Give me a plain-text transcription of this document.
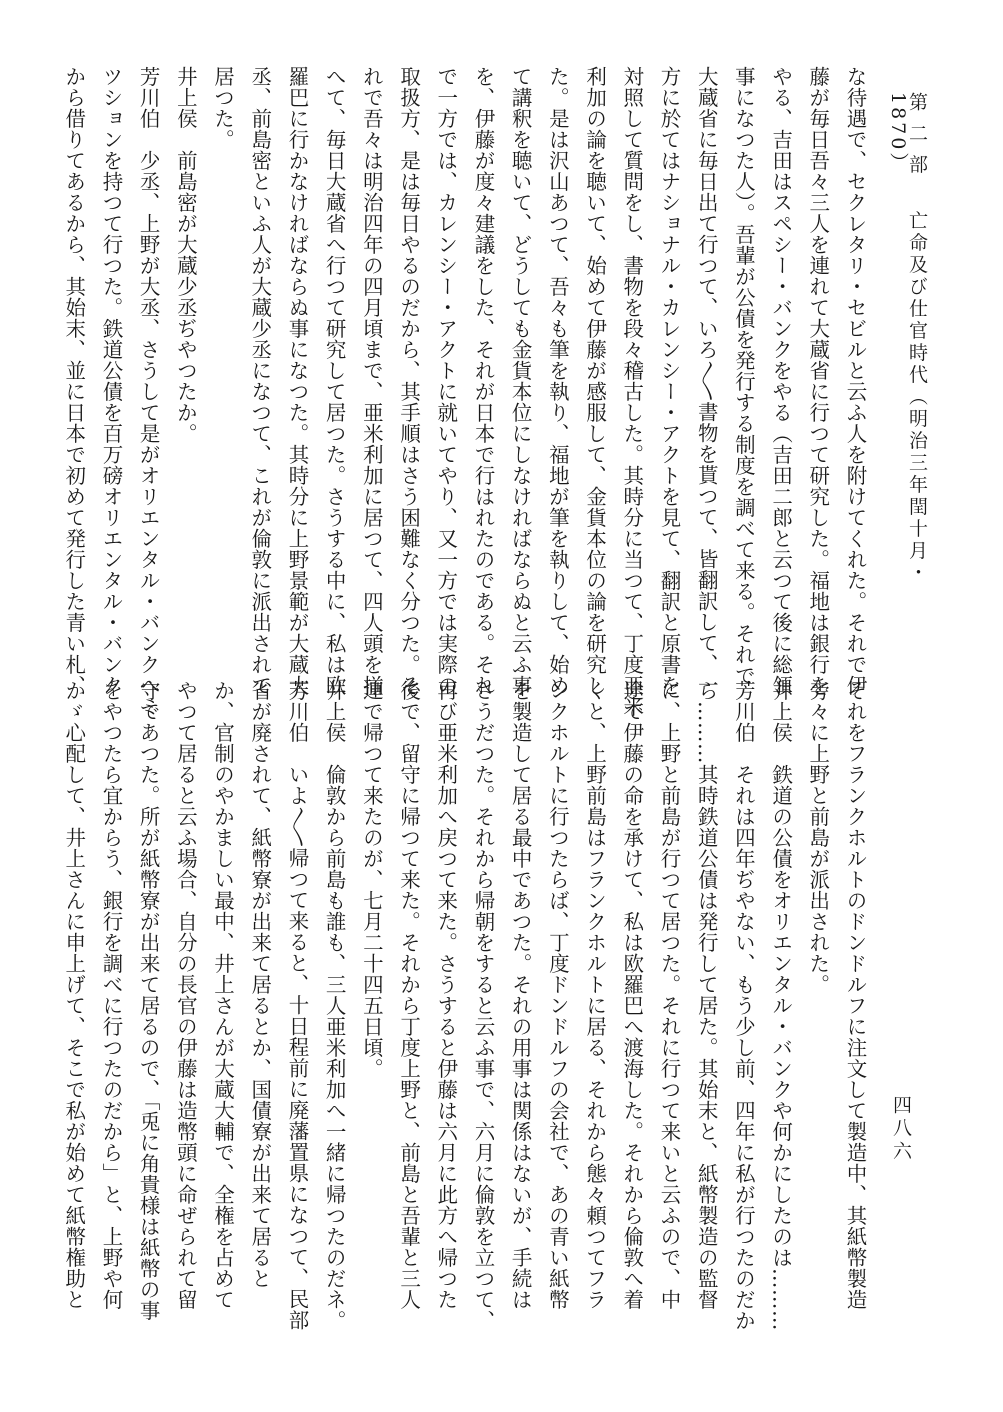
第 二 部亡命及び仕官時代（明治三年閏十月・1870）
四八六
な待遇で、セクレタリ・セビルと云ふ人を附けてくれた。それで伊
藤が毎日吾々三人を連れて大蔵省に行つて研究した。福地は銀行を
やる、吉田はスペシー・バンクをやる（吉田二郎と云つて後に総領
事になつた人）。吾輩が公債を発行する制度を調べて来る。それで
大蔵省に毎日出て行つて、いろ〳〵書物を貰つて、皆翻訳して、一
方に於てはナショナル・カレンシー・アクトを見て、翻訳と原書を
対照して質問をし、書物を段々稽古した。其時分に当つて、丁度亜米
利加の論を聴いて、始めて伊藤が感服して、金貨本位の論を研究し
た。是は沢山あつて、吾々も筆を執り、福地が筆を執りして、始め
て講釈を聴いて、どうしても金貨本位にしなければならぬと云ふ事
を、伊藤が度々建議をした、それが日本で行はれたのである。それ
で一方では、カレンシー・アクトに就いてやり、又一方では実際の
取扱方、是は毎日やるのだから、其手順はさう困難なく分つた。そ
れで吾々は明治四年の四月頃まで、亜米利加に居つて、四人頭を揃
へて、毎日大蔵省へ行つて研究して居つた。さうする中に、私は欧
羅巴に行かなければならぬ事になつた。其時分に上野景範が大蔵大
丞、前島密といふ人が大蔵少丞になつて、これが倫敦に派出されて
居つた。
井上侯　前島密が大蔵少丞ぢやつたか。
芳川伯　少丞、上野が大丞、さうして是がオリエンタル・バンクへミ
ツションを持つて行つた。鉄道公債を百万磅オリエンタル・バンク
から借りてあるから、其始末、並に日本で初めて発行した青い札、
それをフランクホルトのドンドルフに注文して製造中、其紙幣製造
旁々に上野と前島が派出された。
井上侯　鉄道の公債をオリエンタル・バンクや何かにしたのは………
芳川伯　それは四年ぢやない、もう少し前、四年に私が行つたのだか
ら………其時鉄道公債は発行して居た。其始末と、紙幣製造の監督
に、上野と前島が行つて居つた。それに行つて来いと云ふので、中
途で伊藤の命を承けて、私は欧羅巴へ渡海した。それから倫敦へ着
くと、上野前島はフランクホルトに居る、それから態々頼つてフラ
ンクホルトに行つたらば、丁度ドンドルフの会社で、あの青い紙幣
を製造して居る最中であつた。それの用事は関係はないが、手続は
さうだつた。それから帰朝をすると云ふ事で、六月に倫敦を立つて、
再び亜米利加へ戻つて来た。さうすると伊藤は六月に此方へ帰つた
後で、留守に帰つて来た。それから丁度上野と、前島と吾輩と三人
連で帰つて来たのが、七月二十四五日頃。
井上侯　倫敦から前島も誰も、三人亜米利加へ一緒に帰つたのだネ。
芳川伯　いよ〳〵帰つて来ると、十日程前に廃藩置県になつて、民部
省が廃されて、紙幣寮が出来て居るとか、国債寮が出来て居ると
か、官制のやかましい最中、井上さんが大蔵大輔で、全権を占めて
やつて居ると云ふ場合、自分の長官の伊藤は造幣頭に命ぜられて留
守であつた。所が紙幣寮が出来て居るので、「兎に角貴様は紙幣の事
をやつたら宜からう、銀行を調べに行つたのだから」と、上野や何
かゞ心配して、井上さんに申上げて、そこで私が始めて紙幣権助と
